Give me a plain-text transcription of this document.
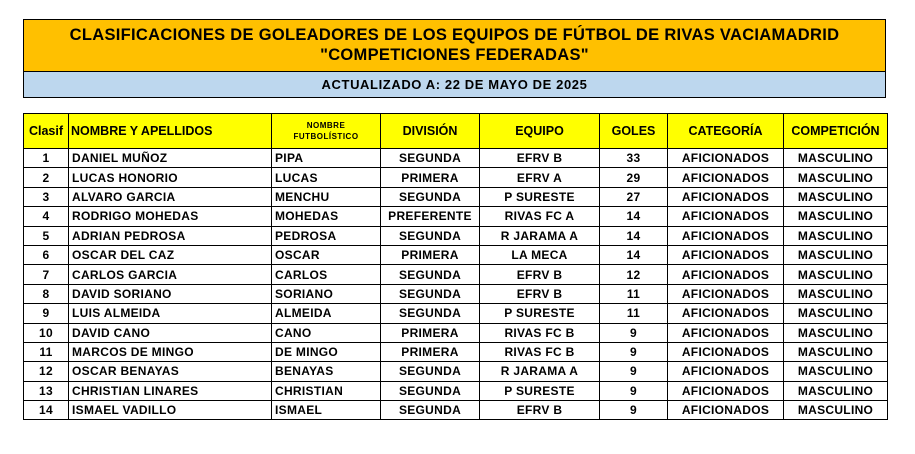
CLASIFICACIONES DE GOLEADORES DE LOS EQUIPOS DE FÚTBOL DE RIVAS VACIAMADRID
"COMPETICIONES FEDERADAS"
ACTUALIZADO A: 22 DE MAYO DE 2025
Clasif	NOMBRE Y APELLIDOS	NOMBRE
FUTBOLÍSTICO	DIVISIÓN	EQUIPO	GOLES	CATEGORÍA	COMPETICIÓN
1	DANIEL MUÑOZ	PIPA	SEGUNDA	EFRV B	33	AFICIONADOS	MASCULINO
2	LUCAS HONORIO	LUCAS	PRIMERA	EFRV A	29	AFICIONADOS	MASCULINO
3	ALVARO GARCIA	MENCHU	SEGUNDA	P SURESTE	27	AFICIONADOS	MASCULINO
4	RODRIGO MOHEDAS	MOHEDAS	PREFERENTE	RIVAS FC A	14	AFICIONADOS	MASCULINO
5	ADRIAN PEDROSA	PEDROSA	SEGUNDA	R JARAMA A	14	AFICIONADOS	MASCULINO
6	OSCAR DEL CAZ	OSCAR	PRIMERA	LA MECA	14	AFICIONADOS	MASCULINO
7	CARLOS GARCIA	CARLOS	SEGUNDA	EFRV B	12	AFICIONADOS	MASCULINO
8	DAVID SORIANO	SORIANO	SEGUNDA	EFRV B	11	AFICIONADOS	MASCULINO
9	LUIS ALMEIDA	ALMEIDA	SEGUNDA	P SURESTE	11	AFICIONADOS	MASCULINO
10	DAVID CANO	CANO	PRIMERA	RIVAS FC B	9	AFICIONADOS	MASCULINO
11	MARCOS DE MINGO	DE MINGO	PRIMERA	RIVAS FC B	9	AFICIONADOS	MASCULINO
12	OSCAR BENAYAS	BENAYAS	SEGUNDA	R JARAMA A	9	AFICIONADOS	MASCULINO
13	CHRISTIAN LINARES	CHRISTIAN	SEGUNDA	P SURESTE	9	AFICIONADOS	MASCULINO
14	ISMAEL VADILLO	ISMAEL	SEGUNDA	EFRV B	9	AFICIONADOS	MASCULINO
